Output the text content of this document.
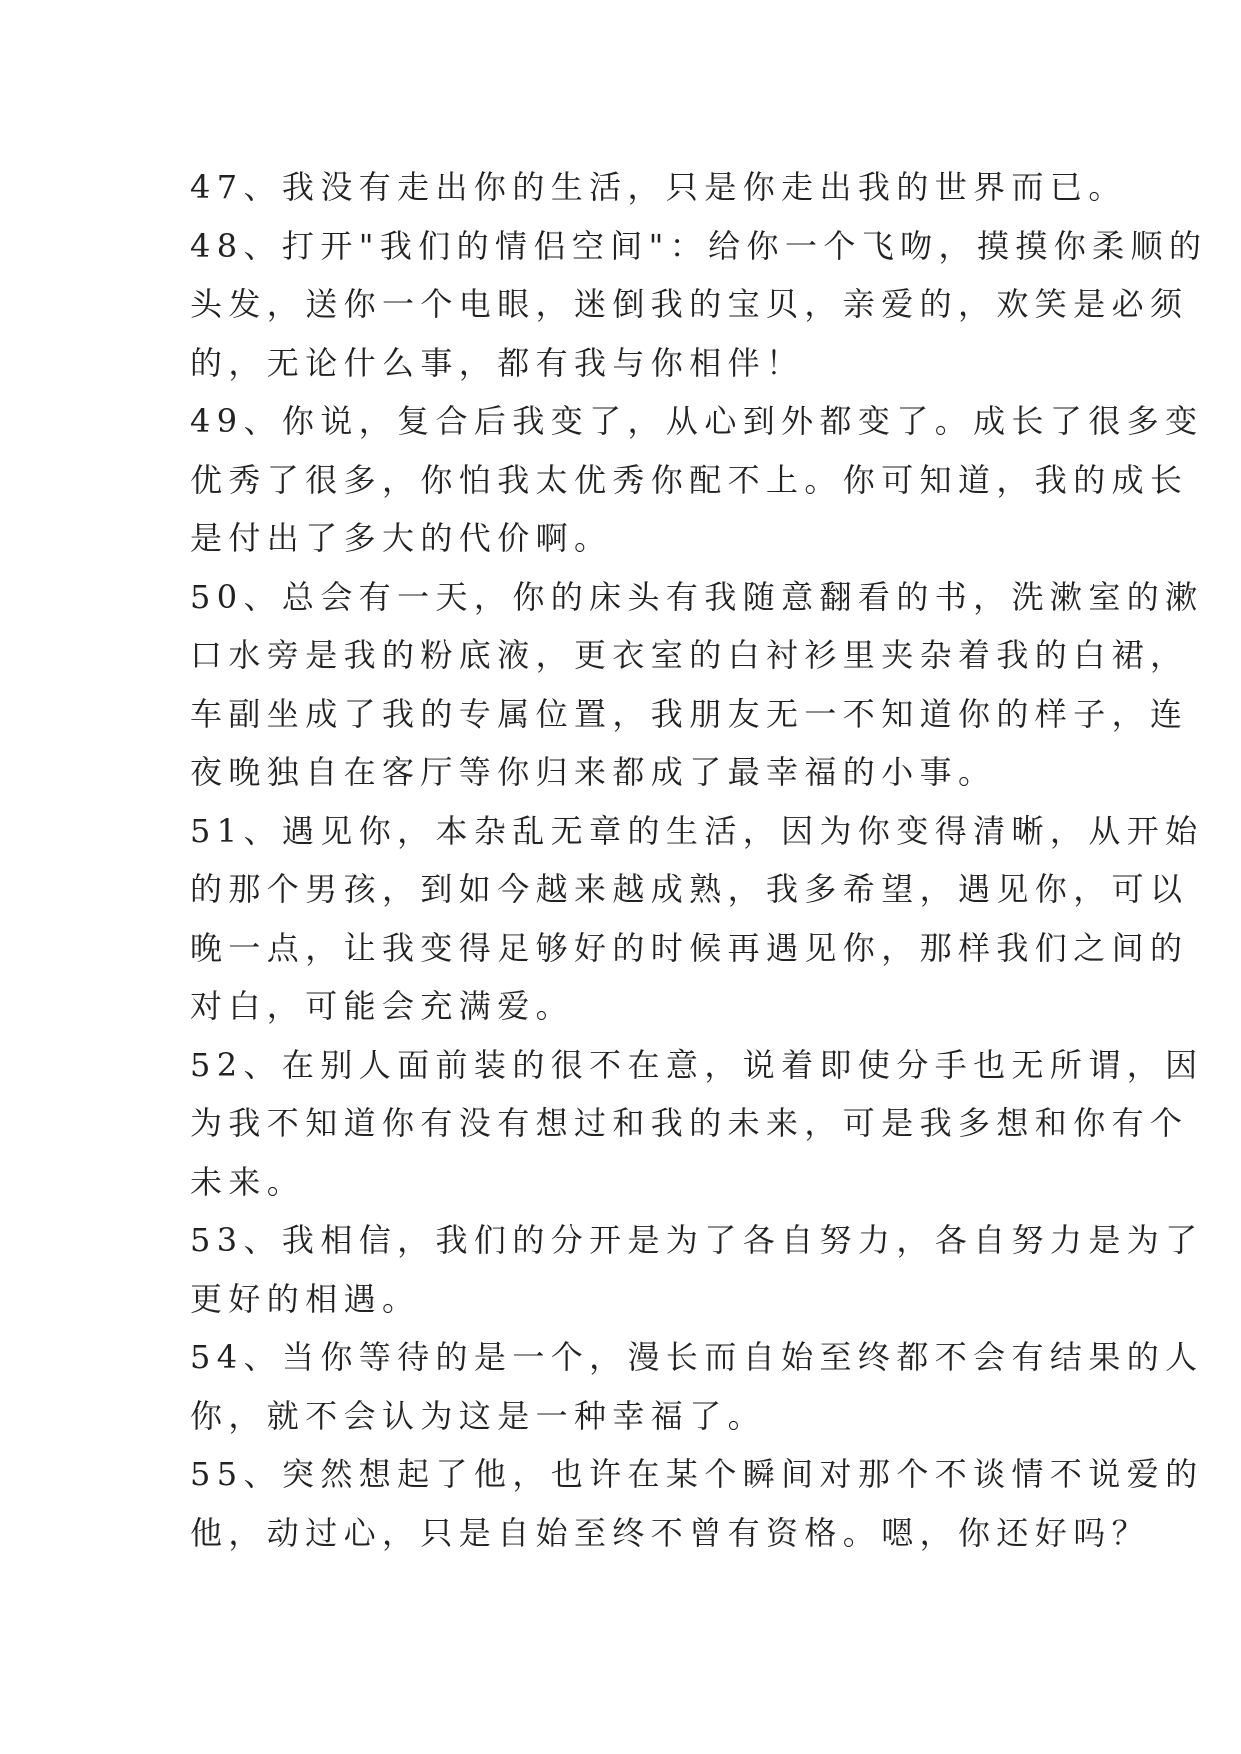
47、我没有走出你的生活，只是你走出我的世界而已。
48、打开"我们的情侣空间"：给你一个飞吻，摸摸你柔顺的
头发，送你一个电眼，迷倒我的宝贝，亲爱的，欢笑是必须
的，无论什么事，都有我与你相伴！
49、你说，复合后我变了，从心到外都变了。成长了很多变
优秀了很多，你怕我太优秀你配不上。你可知道，我的成长
是付出了多大的代价啊。
50、总会有一天，你的床头有我随意翻看的书，洗漱室的漱
口水旁是我的粉底液，更衣室的白衬衫里夹杂着我的白裙，
车副坐成了我的专属位置，我朋友无一不知道你的样子，连
夜晚独自在客厅等你归来都成了最幸福的小事。
51、遇见你，本杂乱无章的生活，因为你变得清晰，从开始
的那个男孩，到如今越来越成熟，我多希望，遇见你，可以
晚一点，让我变得足够好的时候再遇见你，那样我们之间的
对白，可能会充满爱。
52、在别人面前装的很不在意，说着即使分手也无所谓，因
为我不知道你有没有想过和我的未来，可是我多想和你有个
未来。
53、我相信，我们的分开是为了各自努力，各自努力是为了
更好的相遇。
54、当你等待的是一个，漫长而自始至终都不会有结果的人
你，就不会认为这是一种幸福了。
55、突然想起了他，也许在某个瞬间对那个不谈情不说爱的
他，动过心，只是自始至终不曾有资格。嗯，你还好吗？
